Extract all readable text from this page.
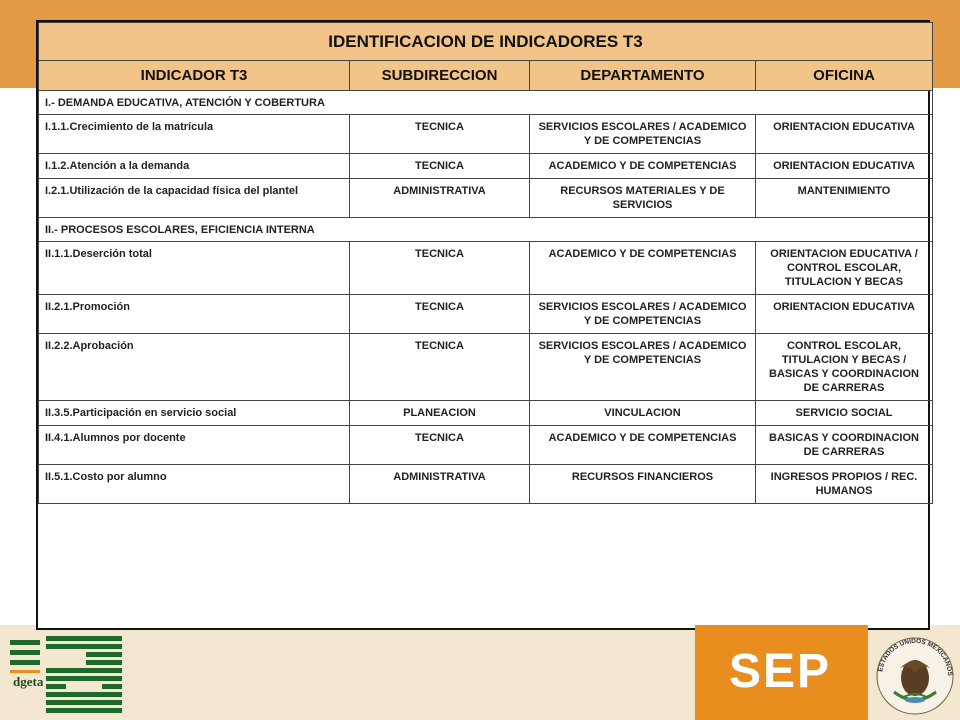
IDENTIFICACION DE INDICADORES T3			
INDICADOR T3	SUBDIRECCION	DEPARTAMENTO	OFICINA
I.- DEMANDA EDUCATIVA, ATENCIÓN Y COBERTURA			
I.1.1.Crecimiento de la matrícula	TECNICA	SERVICIOS ESCOLARES / ACADEMICO Y DE COMPETENCIAS	ORIENTACION EDUCATIVA
I.1.2.Atención a la demanda	TECNICA	ACADEMICO Y DE COMPETENCIAS	ORIENTACION EDUCATIVA
I.2.1.Utilización de la capacidad física del plantel	ADMINISTRATIVA	RECURSOS MATERIALES Y DE SERVICIOS	MANTENIMIENTO
II.- PROCESOS ESCOLARES, EFICIENCIA INTERNA			
II.1.1.Deserción total	TECNICA	ACADEMICO Y DE COMPETENCIAS	ORIENTACION EDUCATIVA / CONTROL ESCOLAR, TITULACION Y BECAS
II.2.1.Promoción	TECNICA	SERVICIOS ESCOLARES / ACADEMICO Y DE COMPETENCIAS	ORIENTACION EDUCATIVA
II.2.2.Aprobación	TECNICA	SERVICIOS ESCOLARES / ACADEMICO Y DE COMPETENCIAS	CONTROL ESCOLAR, TITULACION Y BECAS / BASICAS Y COORDINACION DE CARRERAS
II.3.5.Participación en servicio social	PLANEACION	VINCULACION	SERVICIO SOCIAL
II.4.1.Alumnos por docente	TECNICA	ACADEMICO Y DE COMPETENCIAS	BASICAS Y COORDINACION DE CARRERAS
II.5.1.Costo por alumno	ADMINISTRATIVA	RECURSOS FINANCIEROS	INGRESOS PROPIOS / REC. HUMANOS
dgeta	SEP	ESTADOS UNIDOS MEXICANOS
